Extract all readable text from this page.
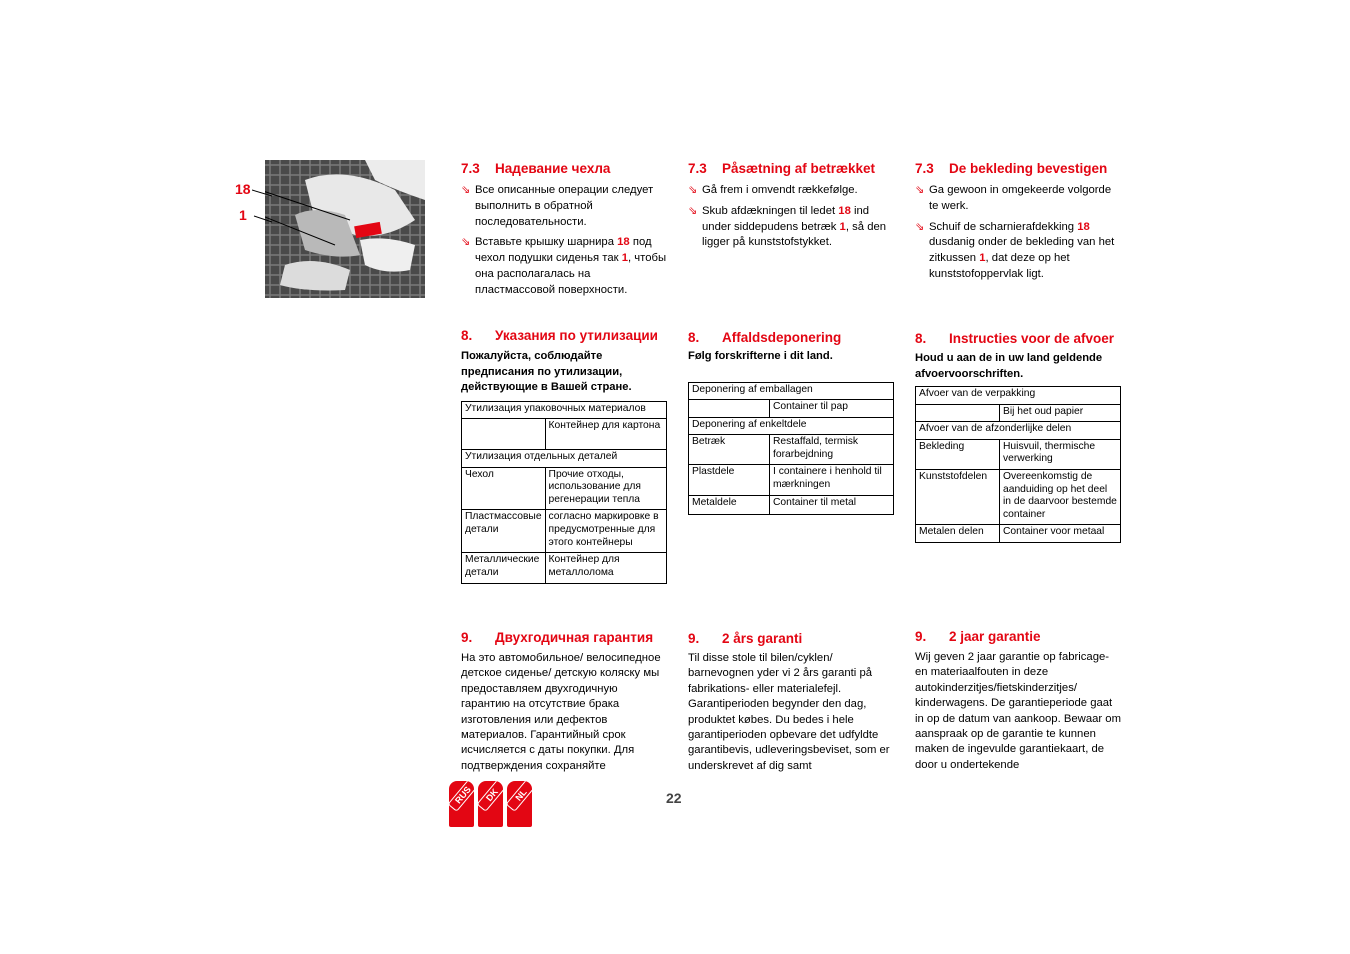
18
1
7.3	Надевание чехла
⇘ Все описанные операции следует выполнить в обратной последовательности.
⇘ Вставьте крышку шарнира 18 под чехол подушки сиденья так 1, чтобы она располагалась на пластмассовой поверхности.
8.	Указания по утилизации
Пожалуйста, соблюдайте предписания по утилизации, действующие в Вашей стране.
Утилизация упаковочных материалов	
	Контейнер для картона
Утилизация отдельных деталей	
Чехол	Прочие отходы, использование для регенерации тепла
Пластмассовые детали	согласно маркировке в предусмотренные для этого контейнеры
Металлические детали	Контейнер для металлолома
9.	Двухгодичная гарантия
На это автомобильное/ велосипедное детское сиденье/ детскую коляску мы предоставляем двухгодичную гарантию на отсутствие брака изготовления или дефектов материалов. Гарантийный срок исчисляется с даты покупки. Для подтверждения сохраняйте
7.3	Påsætning af betrækket
⇘ Gå frem i omvendt rækkefølge.
⇘ Skub afdækningen til ledet 18 ind under siddepudens betræk 1, så den ligger på kunststofstykket.
8.	Affaldsdeponering
Følg forskrifterne i dit land.
Deponering af emballagen	
	Container til pap
Deponering af enkeltdele	
Betræk	Restaffald, termisk forarbejdning
Plastdele	I containere i henhold til mærkningen
Metaldele	Container til metal
9.	2 års garanti
Til disse stole til bilen/cyklen/ barnevognen yder vi 2 års garanti på fabrikations- eller materialefejl. Garantiperioden begynder den dag, produktet købes. Du bedes i hele garantiperioden opbevare det udfyldte garantibevis, udleveringsbeviset, som er underskrevet af dig samt
7.3	De bekleding bevestigen
⇘ Ga gewoon in omgekeerde volgorde te werk.
⇘ Schuif de scharnierafdekking 18 dusdanig onder de bekleding van het zitkussen 1, dat deze op het kunststofoppervlak ligt.
8.	Instructies voor de afvoer
Houd u aan de in uw land geldende afvoervoorschriften.
Afvoer van de verpakking	
	Bij het oud papier
Afvoer van de afzonderlijke delen	
Bekleding	Huisvuil, thermische verwerking
Kunststofdelen	Overeenkomstig de aanduiding op het deel in de daarvoor bestemde container
Metalen delen	Container voor metaal
9.	2 jaar garantie
Wij geven 2 jaar garantie op fabricage- en materiaalfouten in deze autokinderzitjes/fietskinderzitjes/ kinderwagens. De garantieperiode gaat in op de datum van aankoop. Bewaar om aanspraak op de garantie te kunnen maken de ingevulde garantiekaart, de door u ondertekende
RUS	DK	NL	22
